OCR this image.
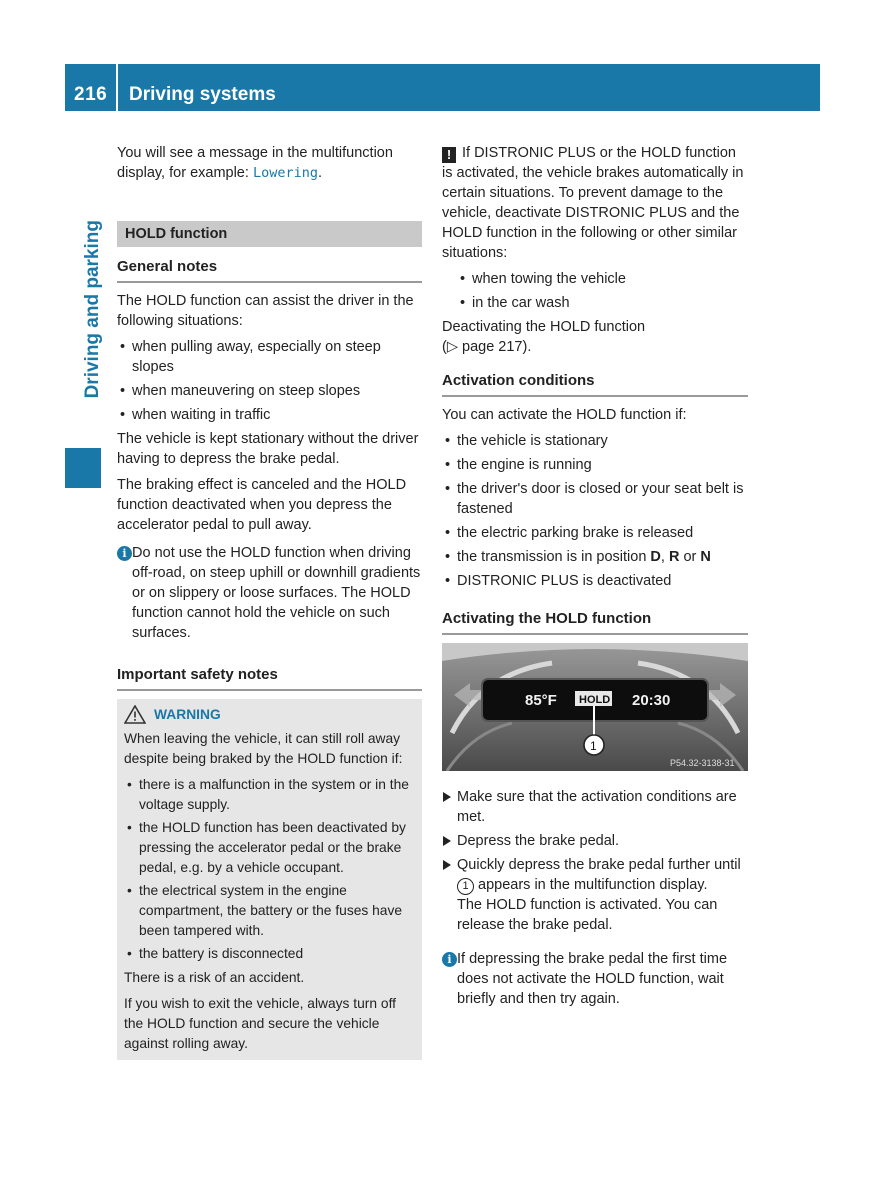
216 Driving systems
Driving and parking

You will see a message in the multifunction display, for example: Lowering.

HOLD function
General notes

The HOLD function can assist the driver in the following situations:

• when pulling away, especially on steep slopes
• when maneuvering on steep slopes
• when waiting in traffic

The vehicle is kept stationary without the driver having to depress the brake pedal.

The braking effect is canceled and the HOLD function deactivated when you depress the accelerator pedal to pull away.

i Do not use the HOLD function when driving off-road, on steep uphill or downhill gradients or on slippery or loose surfaces. The HOLD function cannot hold the vehicle on such surfaces.
Important safety notes
WARNING

When leaving the vehicle, it can still roll away despite being braked by the HOLD function if:

• there is a malfunction in the system or in the voltage supply.
• the HOLD function has been deactivated by pressing the accelerator pedal or the brake pedal, e.g. by a vehicle occupant.
• the electrical system in the engine compartment, the battery or the fuses have been tampered with.
• the battery is disconnected

There is a risk of an accident.

If you wish to exit the vehicle, always turn off the HOLD function and secure the vehicle against rolling away.

! If DISTRONIC PLUS or the HOLD function is activated, the vehicle brakes automatically in certain situations. To prevent damage to the vehicle, deactivate DISTRONIC PLUS and the HOLD function in the following or other similar situations:

• when towing the vehicle
• in the car wash

Deactivating the HOLD function

(▷ page 217).

Activation conditions

You can activate the HOLD function if:

• the vehicle is stationary
• the engine is running
• the driver's door is closed or your seat belt is fastened
• the electric parking brake is released
• the transmission is in position D, R or N
• DISTRONIC PLUS is deactivated
Activating the HOLD function
85°F HOLD 20:30
1
P54.32-3138-31
Make sure that the activation conditions are met.
Depress the brake pedal.
Quickly depress the brake pedal further until 1 appears in the multifunction display.
The HOLD function is activated. You can release the brake pedal.
i If depressing the brake pedal the first time does not activate the HOLD function, wait briefly and then try again.
